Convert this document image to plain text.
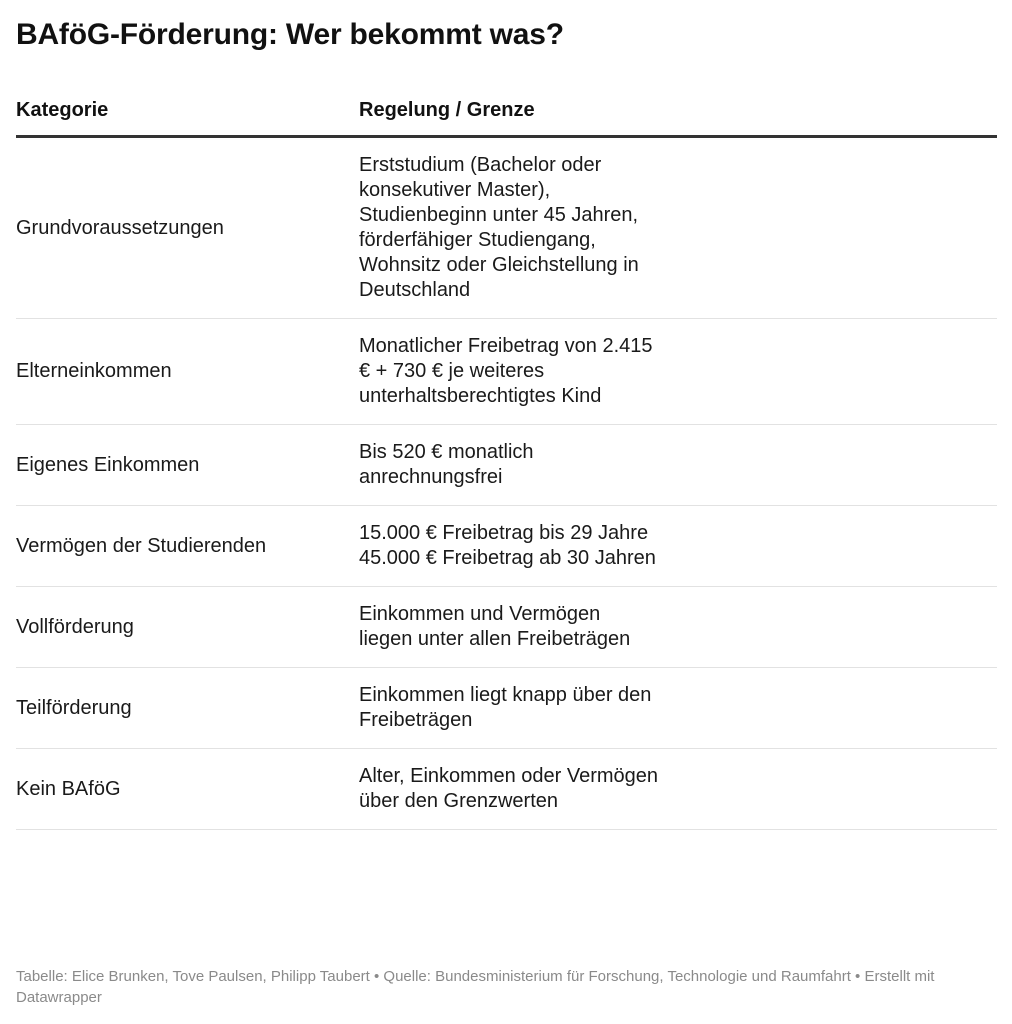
BAföG-Förderung: Wer bekommt was?
Kategorie	Regelung / Grenze
Grundvoraussetzungen	Erststudium (Bachelor oder konsekutiver Master), Studienbeginn unter 45 Jahren, förderfähiger Studiengang, Wohnsitz oder Gleichstellung in Deutschland

Elterneinkommen	Monatlicher Freibetrag von 2.415 € + 730 € je weiteres unterhaltsberechtigtes Kind

Eigenes Einkommen	Bis 520 € monatlich anrechnungsfrei

Vermögen der Studierenden	15.000 € Freibetrag bis 29 Jahre
45.000 € Freibetrag ab 30 Jahren

Vollförderung	Einkommen und Vermögen liegen unter allen Freibeträgen

Teilförderung	Einkommen liegt knapp über den Freibeträgen

Kein BAföG	Alter, Einkommen oder Vermögen über den Grenzwerten
Tabelle: Elice Brunken, Tove Paulsen, Philipp Taubert • Quelle: Bundesministerium für Forschung, Technologie und Raumfahrt • Erstellt mit Datawrapper
